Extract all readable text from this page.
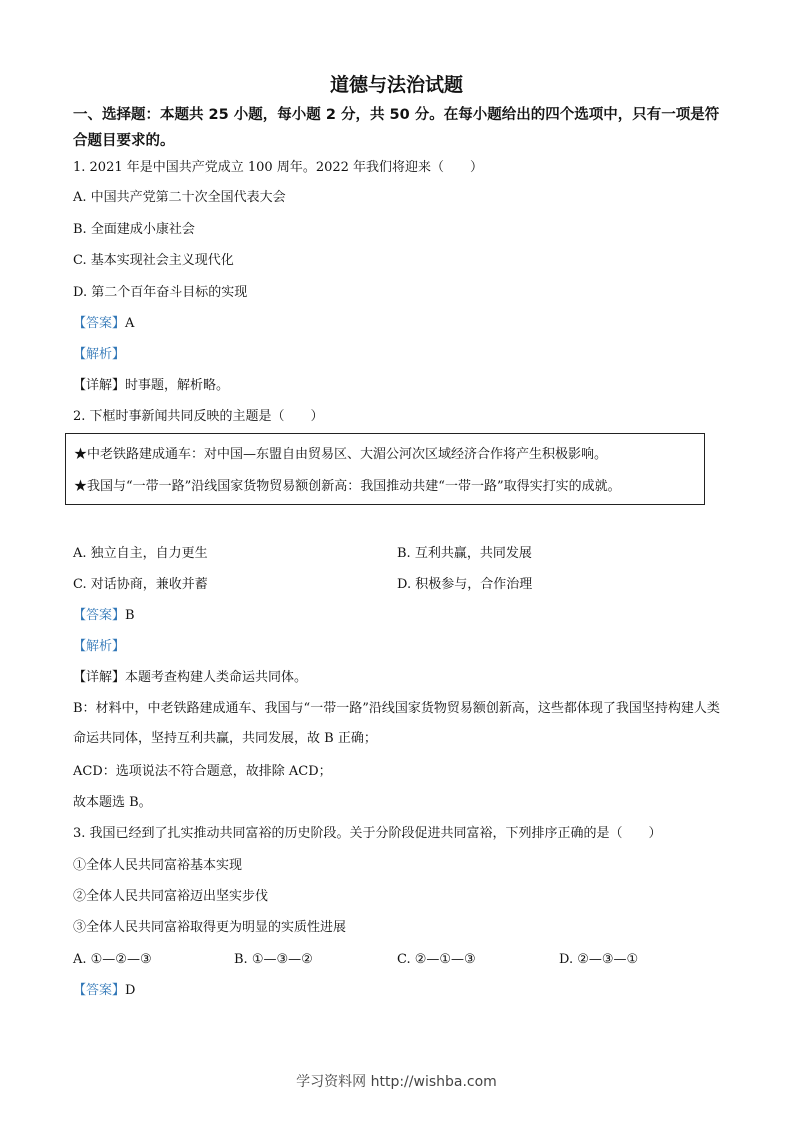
道德与法治试题
一、选择题：本题共 25 小题，每小题 2 分，共 50 分。在每小题给出的四个选项中，只有一项是符合题目要求的。
1. 2021 年是中国共产党成立 100 周年。2022 年我们将迎来（　　）
A. 中国共产党第二十次全国代表大会
B. 全面建成小康社会
C. 基本实现社会主义现代化
D. 第二个百年奋斗目标的实现
【答案】A
【解析】
【详解】时事题，解析略。
2. 下框时事新闻共同反映的主题是（　　）
★中老铁路建成通车：对中国—东盟自由贸易区、大湄公河次区域经济合作将产生积极影响。
★我国与“一带一路”沿线国家货物贸易额创新高：我国推动共建“一带一路”取得实打实的成就。
A. 独立自主，自力更生	B. 互利共赢，共同发展
C. 对话协商，兼收并蓄	D. 积极参与，合作治理
【答案】B
【解析】
【详解】本题考查构建人类命运共同体。
B：材料中，中老铁路建成通车、我国与“一带一路”沿线国家货物贸易额创新高，这些都体现了我国坚持构建人类命运共同体，坚持互利共赢，共同发展，故 B 正确；
ACD：选项说法不符合题意，故排除 ACD；
故本题选 B。
3. 我国已经到了扎实推动共同富裕的历史阶段。关于分阶段促进共同富裕，下列排序正确的是（　　）
①全体人民共同富裕基本实现
②全体人民共同富裕迈出坚实步伐
③全体人民共同富裕取得更为明显的实质性进展
A. ①—②—③	B. ①—③—②	C. ②—①—③	D. ②—③—①
【答案】D
学习资料网 http://wishba.com
